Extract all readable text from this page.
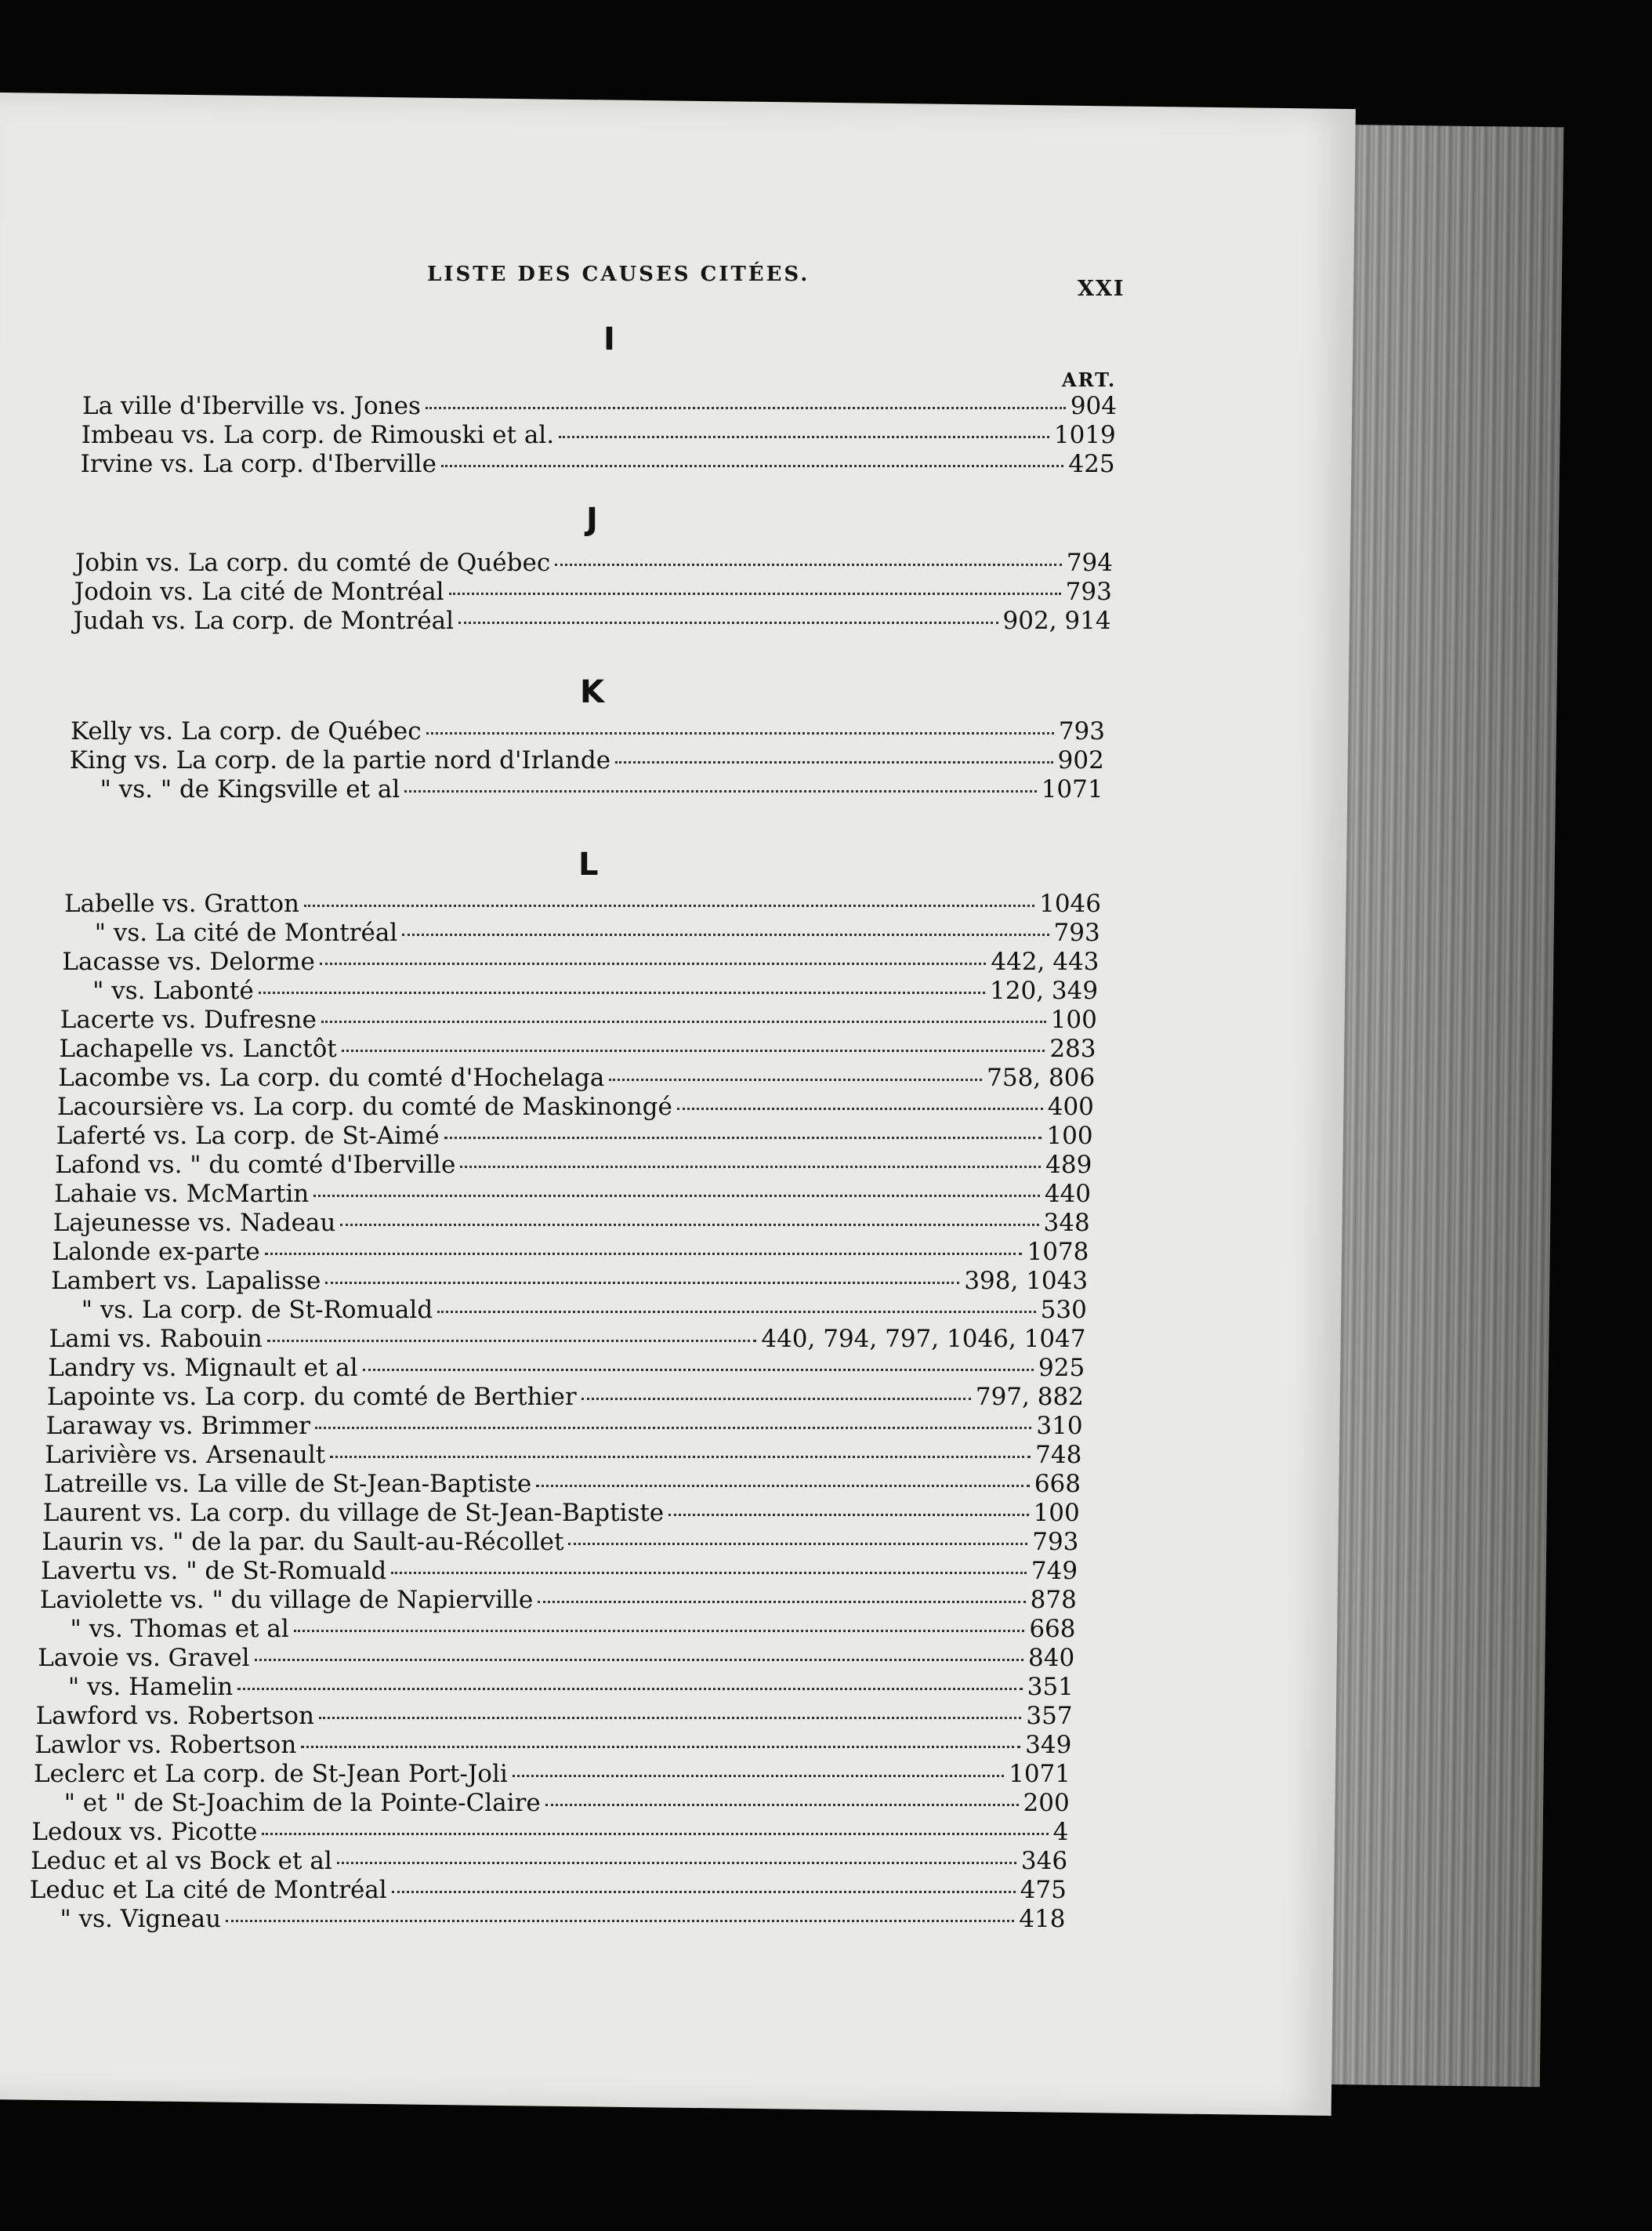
LISTE DES CAUSES CITÉES.
XXI
I
ART.
La ville d'Iberville vs. Jones	904
Imbeau vs. La corp. de Rimouski et al.	1019
Irvine vs. La corp. d'Iberville	425
J
Jobin vs. La corp. du comté de Québec	794
Jodoin vs. La cité de Montréal	793
Judah vs. La corp. de Montréal	902, 914
K
Kelly vs. La corp. de Québec	793
King vs. La corp. de la partie nord d'Irlande	902
" vs. " de Kingsville et al	1071
L
Labelle vs. Gratton	1046
" vs. La cité de Montréal	793
Lacasse vs. Delorme	442, 443
" vs. Labonté	120, 349
Lacerte vs. Dufresne	100
Lachapelle vs. Lanctôt	283
Lacombe vs. La corp. du comté d'Hochelaga	758, 806
Lacoursière vs. La corp. du comté de Maskinongé	400
Laferté vs. La corp. de St-Aimé	100
Lafond vs. " du comté d'Iberville	489
Lahaie vs. McMartin	440
Lajeunesse vs. Nadeau	348
Lalonde ex-parte	1078
Lambert vs. Lapalisse	398, 1043
" vs. La corp. de St-Romuald	530
Lami vs. Rabouin	440, 794, 797, 1046, 1047
Landry vs. Mignault et al	925
Lapointe vs. La corp. du comté de Berthier	797, 882
Laraway vs. Brimmer	310
Larivière vs. Arsenault	748
Latreille vs. La ville de St-Jean-Baptiste	668
Laurent vs. La corp. du village de St-Jean-Baptiste	100
Laurin vs. " de la par. du Sault-au-Récollet	793
Lavertu vs. " de St-Romuald	749
Laviolette vs. " du village de Napierville	878
" vs. Thomas et al	668
Lavoie vs. Gravel	840
" vs. Hamelin	351
Lawford vs. Robertson	357
Lawlor vs. Robertson	349
Leclerc et La corp. de St-Jean Port-Joli	1071
" et " de St-Joachim de la Pointe-Claire	200
Ledoux vs. Picotte	4
Leduc et al vs Bock et al	346
Leduc et La cité de Montréal	475
" vs. Vigneau	418
